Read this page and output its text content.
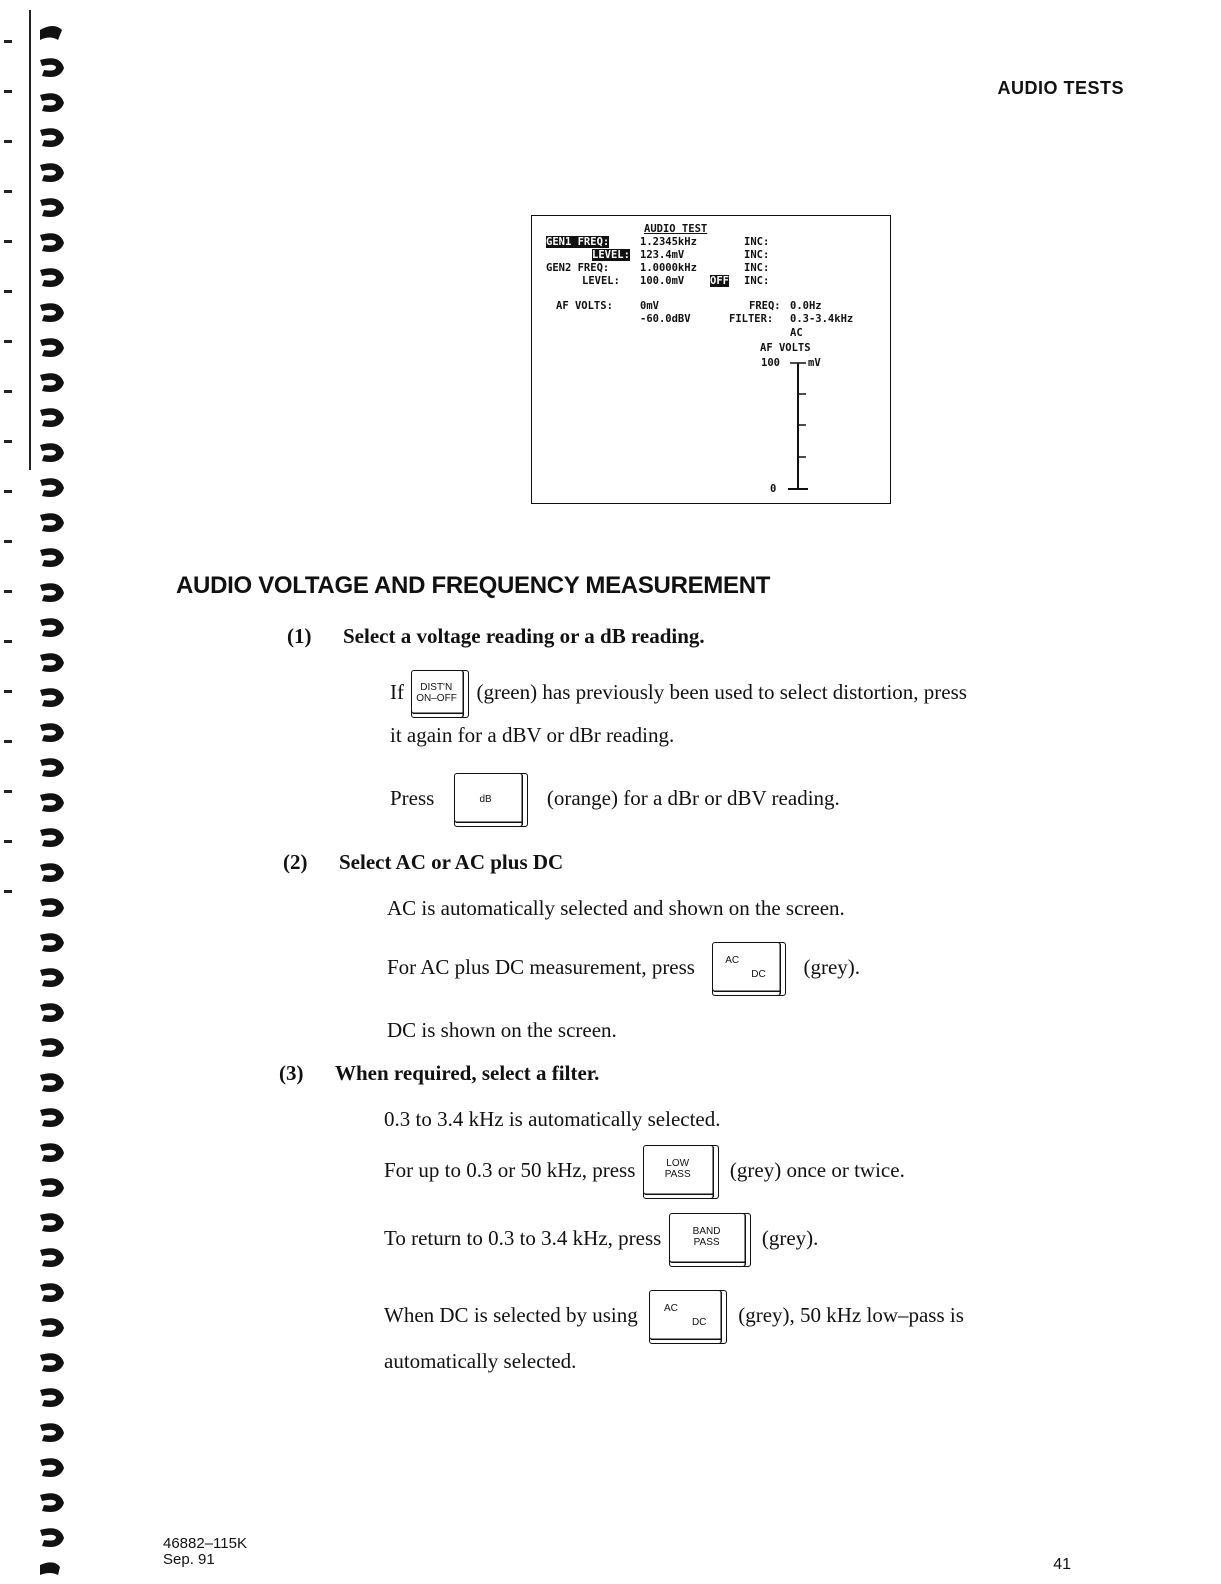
AUDIO TESTS
AUDIO TEST
GEN1 FREQ:	1.2345kHz	INC:
LEVEL: 123.4mV	INC:
GEN2 FREQ:	1.0000kHz	INC:
LEVEL: 100.0mV OFF INC:
AF VOLTS:	0mV	FREQ: 0.0Hz
-60.0dBV	FILTER: 0.3-3.4kHz
AC
AF VOLTS
100	mV
0
AUDIO VOLTAGE AND FREQUENCY MEASUREMENT
(1) Select a voltage reading or a dB reading.
If	DIST'N
ON–OFF (green) has previously been used to select distortion, press
it again for a dBV or dBr reading.
Press	dB	(orange) for a dBr or dBV reading.
(2) Select AC or AC plus DC
AC is automatically selected and shown on the screen.
For AC plus DC measurement, press	AC
DC (grey).
DC is shown on the screen.
(3) When required, select a filter.
0.3 to 3.4 kHz is automatically selected.
For up to 0.3 or 50 kHz, press	LOW
PASS	(grey) once or twice.
To return to 0.3 to 3.4 kHz, press	BAND
PASS	(grey).
When DC is selected by using	AC
DC (grey), 50 kHz low–pass is
automatically selected.
46882–115K
Sep. 91	41
